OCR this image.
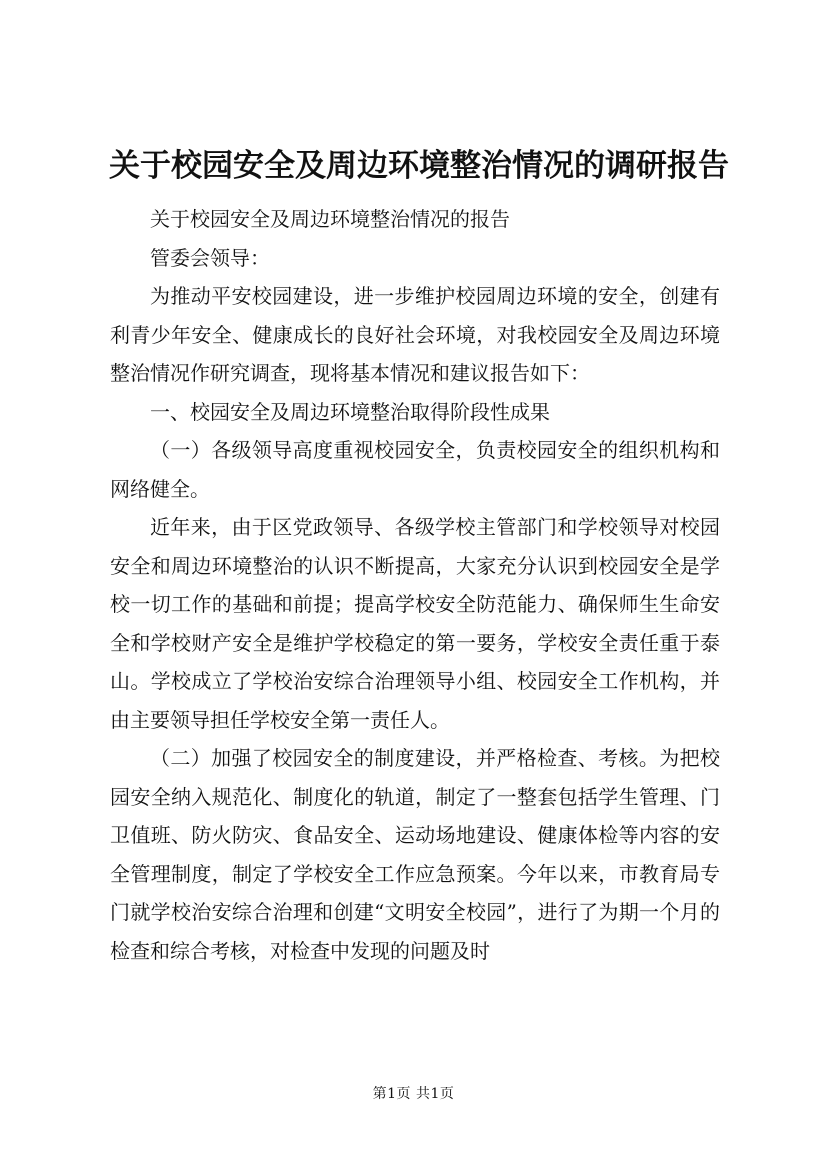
关于校园安全及周边环境整治情况的调研报告

关于校园安全及周边环境整治情况的报告

管委会领导：

为推动平安校园建设，进一步维护校园周边环境的安全，创建有利青少年安全、健康成长的良好社会环境，对我校园安全及周边环境整治情况作研究调查，现将基本情况和建议报告如下：

一、校园安全及周边环境整治取得阶段性成果

（一）各级领导高度重视校园安全，负责校园安全的组织机构和网络健全。

近年来，由于区党政领导、各级学校主管部门和学校领导对校园安全和周边环境整治的认识不断提高，大家充分认识到校园安全是学校一切工作的基础和前提；提高学校安全防范能力、确保师生生命安全和学校财产安全是维护学校稳定的第一要务，学校安全责任重于泰山。学校成立了学校治安综合治理领导小组、校园安全工作机构，并由主要领导担任学校安全第一责任人。

（二）加强了校园安全的制度建设，并严格检查、考核。为把校园安全纳入规范化、制度化的轨道，制定了一整套包括学生管理、门卫值班、防火防灾、食品安全、运动场地建设、健康体检等内容的安全管理制度，制定了学校安全工作应急预案。今年以来，市教育局专门就学校治安综合治理和创建“文明安全校园”，进行了为期一个月的检查和综合考核，对检查中发现的问题及时

第1页 共1页
